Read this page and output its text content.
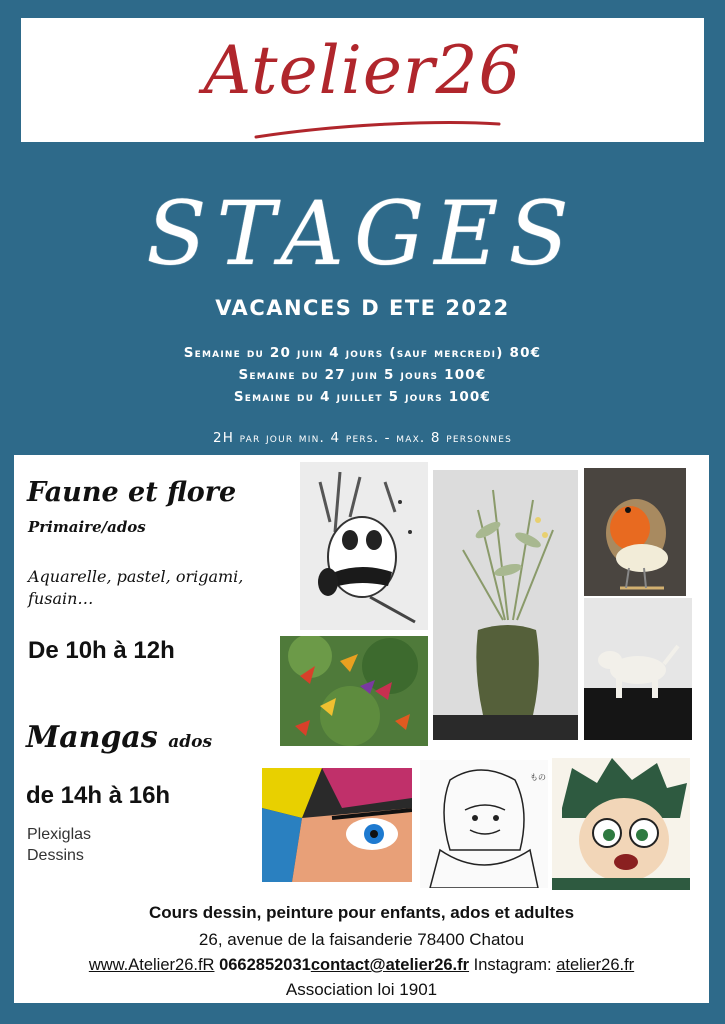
Atelier26
STAGES
VACANCES D ETE 2022
Semaine du 20 juin 4 jours (sauf mercredi) 80€
Semaine du 27 juin 5 jours 100€
Semaine du 4 juillet 5 jours 100€
2H par jour min. 4 pers. - max. 8 personnes
Faune et flore
Primaire/ados
Aquarelle, pastel, origami, fusain…
De 10h à 12h
Mangas ados
de 14h à 16h
Plexiglas
Dessins
もの
Cours dessin, peinture pour enfants, ados et adultes
26, avenue de la faisanderie 78400 Chatou
www.Atelier26.fR 0662852031contact@atelier26.fr Instagram: atelier26.fr
Association loi 1901
